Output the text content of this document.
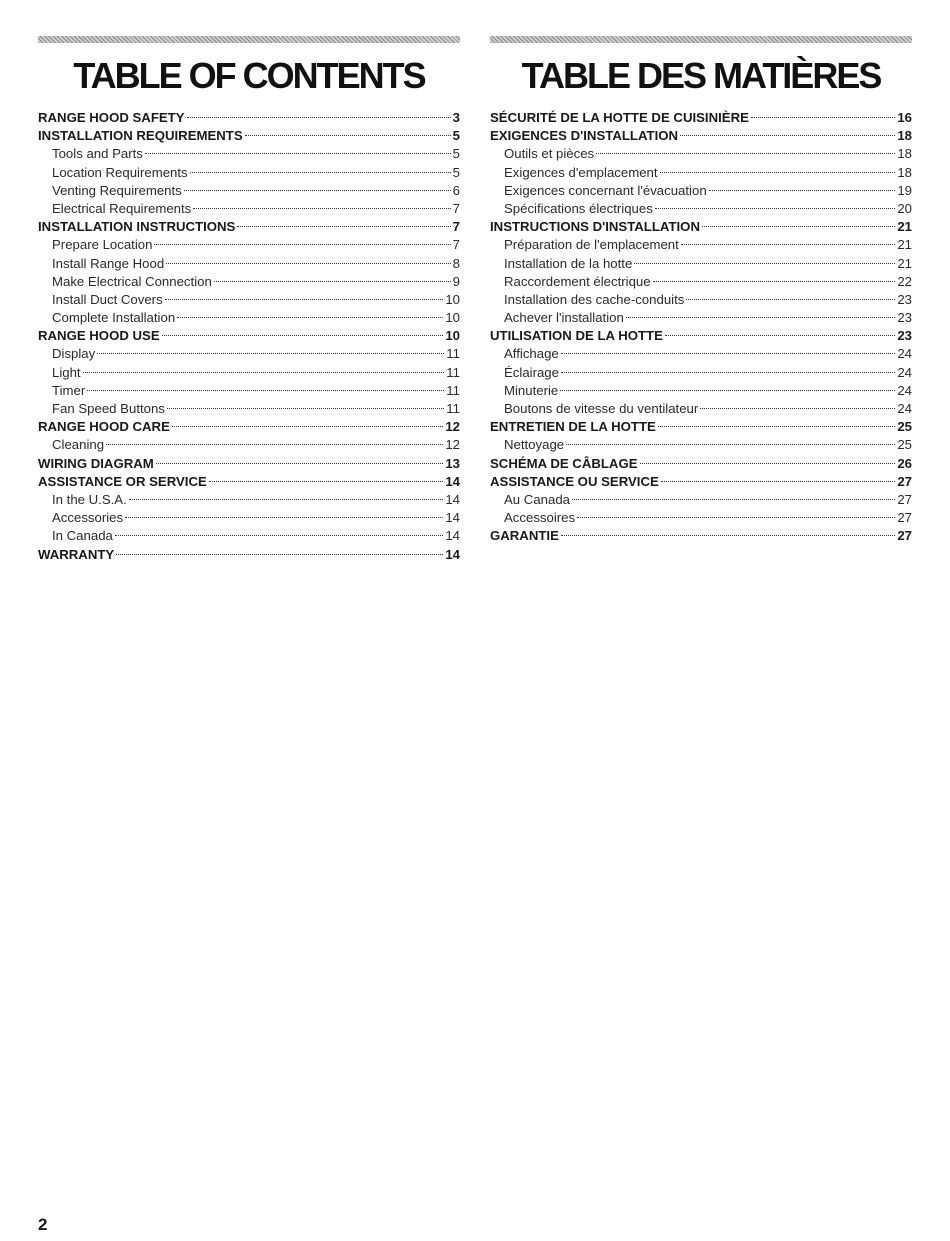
TABLE OF CONTENTS
RANGE HOOD SAFETY	3
INSTALLATION REQUIREMENTS	5
Tools and Parts	5
Location Requirements	5
Venting Requirements	6
Electrical Requirements	7
INSTALLATION INSTRUCTIONS	7
Prepare Location	7
Install Range Hood	8
Make Electrical Connection	9
Install Duct Covers	10
Complete Installation	10
RANGE HOOD USE	10
Display	11
Light	11
Timer	11
Fan Speed Buttons	11
RANGE HOOD CARE	12
Cleaning	12
WIRING DIAGRAM	13
ASSISTANCE OR SERVICE	14
In the U.S.A.	14
Accessories	14
In Canada	14
WARRANTY	14
TABLE DES MATIÈRES
SÉCURITÉ DE LA HOTTE DE CUISINIÈRE	16
EXIGENCES D'INSTALLATION	18
Outils et pièces	18
Exigences d'emplacement	18
Exigences concernant l'évacuation	19
Spécifications électriques	20
INSTRUCTIONS D'INSTALLATION	21
Préparation de l'emplacement	21
Installation de la hotte	21
Raccordement électrique	22
Installation des cache-conduits	23
Achever l'installation	23
UTILISATION DE LA HOTTE	23
Affichage	24
Éclairage	24
Minuterie	24
Boutons de vitesse du ventilateur	24
ENTRETIEN DE LA HOTTE	25
Nettoyage	25
SCHÉMA DE CÂBLAGE	26
ASSISTANCE OU SERVICE	27
Au Canada	27
Accessoires	27
GARANTIE	27
2
